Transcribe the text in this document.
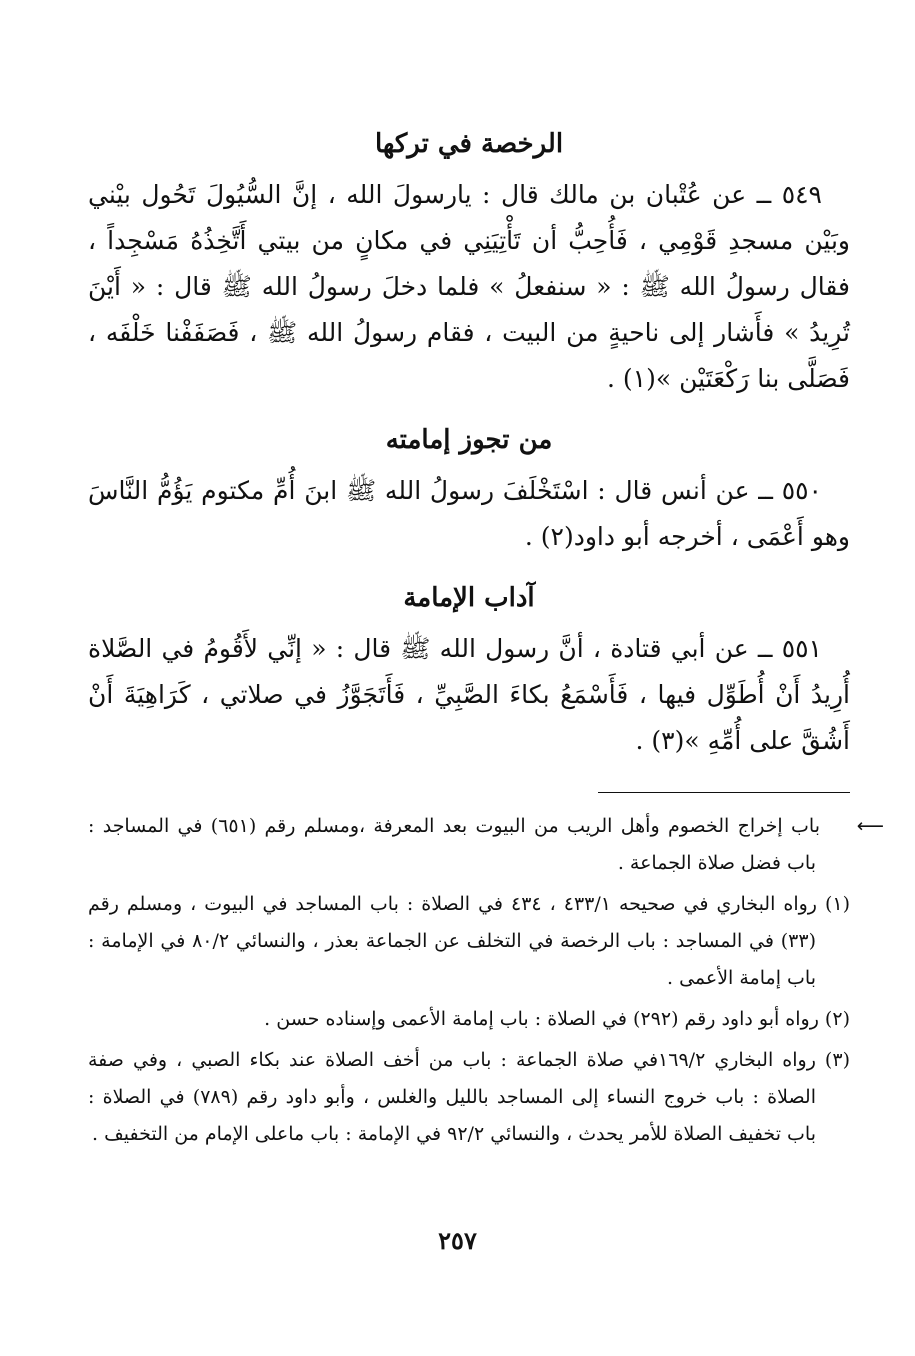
الرخصة في تركها

٥٤٩ ــ عن عُتْبان بن مالك قال : يارسولَ الله ، إنَّ السُّيُولَ تَحُول بيْني وبَيْن مسجدِ قَوْمِي ، فَأُحِبُّ أن تَأْتِيَنِي في مكانٍ من بيتي أَتَّخِذُهُ مَسْجِداً ، فقال رسولُ الله ﷺ : « سنفعلُ » فلما دخلَ رسولُ الله ﷺ قال : « أَيْنَ تُرِيدُ » فأَشار إلى ناحيةٍ من البيت ، فقام رسولُ الله ﷺ ، فَصَفَفْنا خَلْفَه ، فَصَلَّى بنا رَكْعَتَيْن »(١) .

من تجوز إمامته

٥٥٠ ــ عن أنس قال : اسْتَخْلَفَ رسولُ الله ﷺ ابنَ أُمِّ مكتوم يَؤُمُّ النَّاسَ وهو أَعْمَى ، أخرجه أبو داود(٢) .

آداب الإمامة

٥٥١ ــ عن أبي قتادة ، أنَّ رسول الله ﷺ قال : « إنِّي لأَقُومُ في الصَّلاة أُرِيدُ أَنْ أُطَوِّل فيها ، فَأَسْمَعُ بكاءَ الصَّبِيِّ ، فَأَتَجَوَّزُ في صلاتي ، كَرَاهِيَةَ أَنْ أَشُقَّ على أُمِّهِ »(٣) .

⟵باب إخراج الخصوم وأهل الريب من البيوت بعد المعرفة ،ومسلم رقم (٦٥١) في المساجد : باب فضل صلاة الجماعة .

(١) رواه البخاري في صحيحه ٤٣٣/١ ، ٤٣٤ في الصلاة : باب المساجد في البيوت ، ومسلم رقم (٣٣) في المساجد : باب الرخصة في التخلف عن الجماعة بعذر ، والنسائي ٨٠/٢ في الإمامة : باب إمامة الأعمى .

(٢) رواه أبو داود رقم (٢٩٢) في الصلاة : باب إمامة الأعمى وإسناده حسن .

(٣) رواه البخاري ١٦٩/٢في صلاة الجماعة : باب من أخف الصلاة عند بكاء الصبي ، وفي صفة الصلاة : باب خروج النساء إلى المساجد بالليل والغلس ، وأبو داود رقم (٧٨٩) في الصلاة : باب تخفيف الصلاة للأمر يحدث ، والنسائي ٩٢/٢ في الإمامة : باب ماعلى الإمام من التخفيف .

٢٥٧
